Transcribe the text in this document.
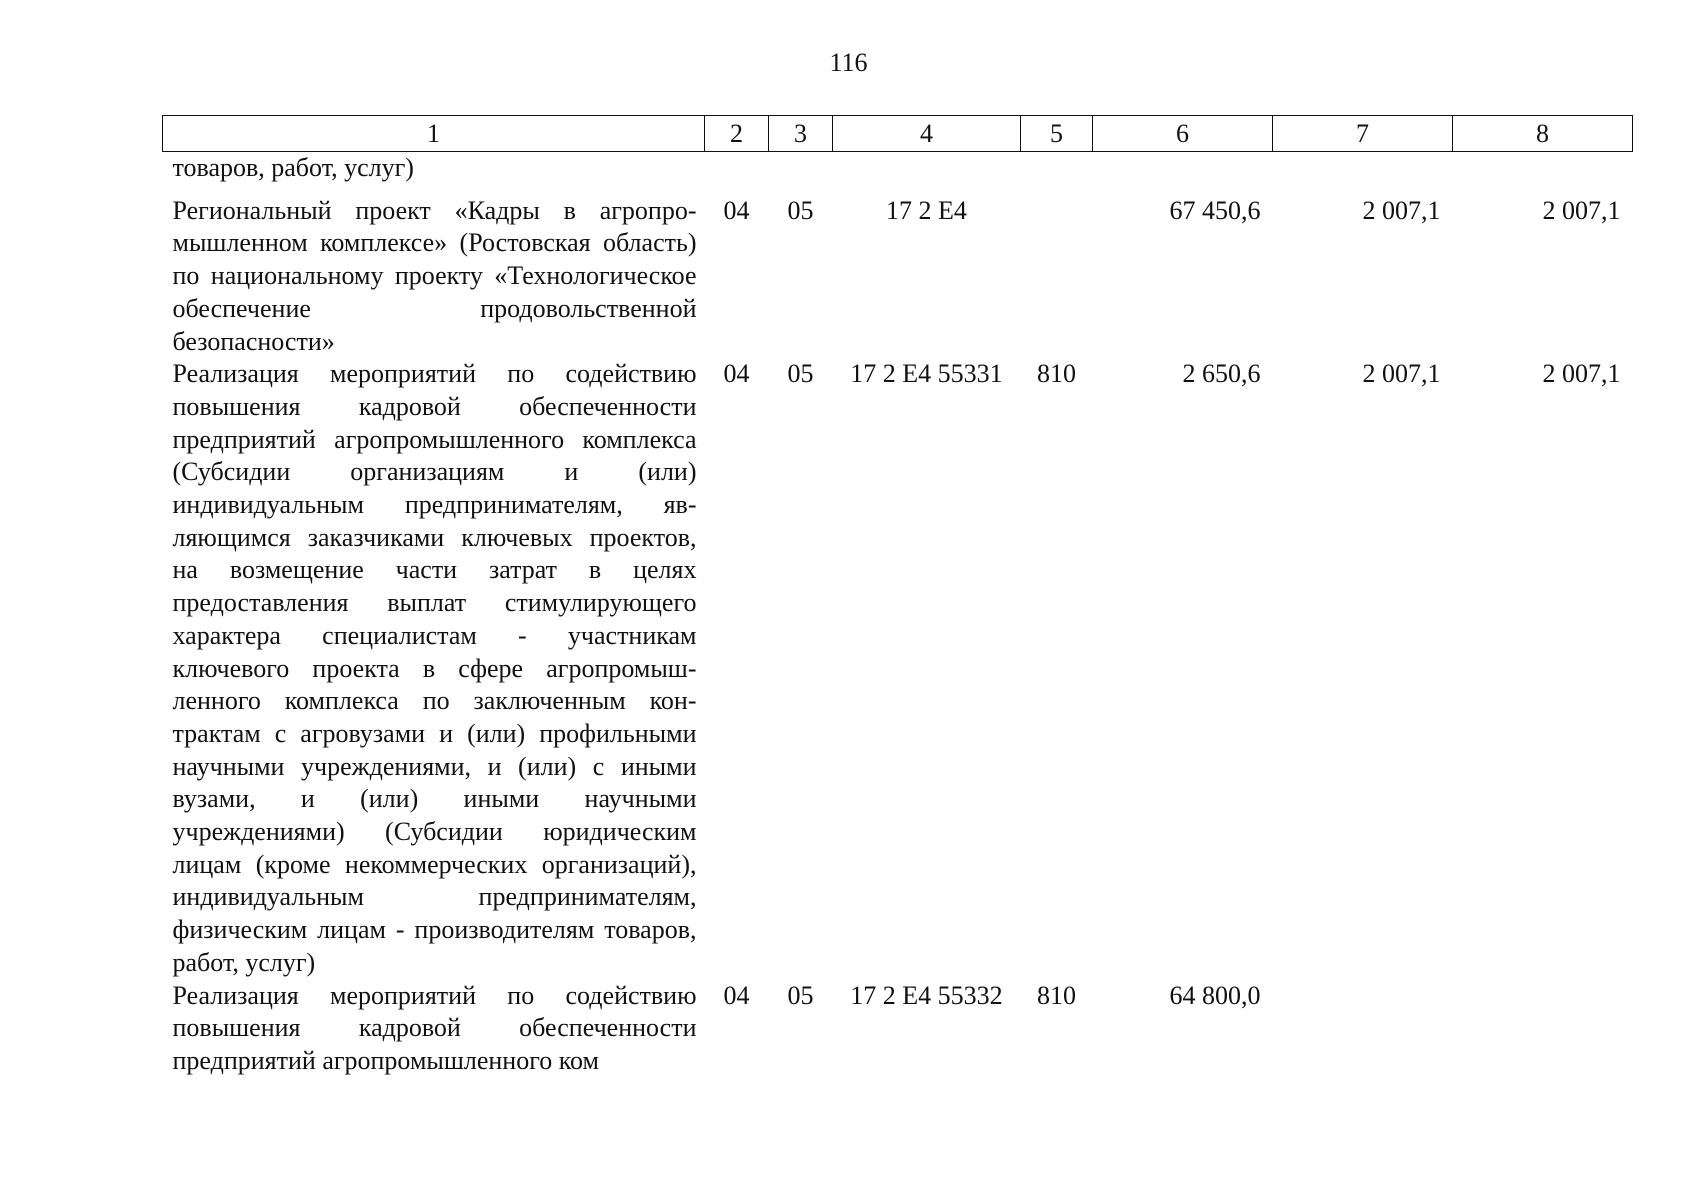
116
1	2	3	4	5	6	7	8
товаров, работ, услуг)							
Региональный проект «Кадры в агропромышленном комплексе» (Ростовская область) по национальному проекту «Технологическое обеспечение продовольственной безопасности»	04	05	17 2 Е4		67 450,6	2 007,1	2 007,1
Реализация мероприятий по содействию повышения кадровой обеспеченности предприятий агропромышленного комплекса (Субсидии организациям и (или) индивидуальным предпринимателям, являющимся заказчиками ключевых проектов, на возмещение части затрат в целях предоставления выплат стимулирующего характера специалистам - участникам ключевого проекта в сфере агропромышленного комплекса по заключенным контрактам с агровузами и (или) профильными научными учреждениями, и (или) с иными вузами, и (или) иными научными учреждениями) (Субсидии юридическим лицам (кроме некоммерческих организаций), индивидуальным предпринимателям, физическим лицам - производителям товаров, работ, услуг)	04	05	17 2 Е4 55331	810	2 650,6	2 007,1	2 007,1
Реализация мероприятий по содействию повышения кадровой обеспеченности предприятий агропромышленного ком	04	05	17 2 Е4 55332	810	64 800,0		
